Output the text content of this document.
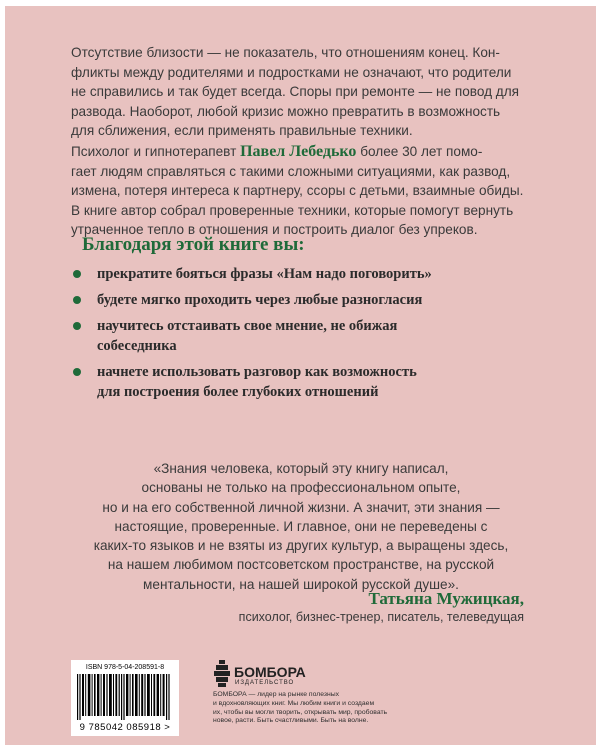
Отсутствие близости — не показатель, что отношениям конец. Кон-
фликты между родителями и подростками не означают, что родители
не справились и так будет всегда. Споры при ремонте — не повод для
развода. Наоборот, любой кризис можно превратить в возможность
для сближения, если применять правильные техники.
Психолог и гипнотерапевт Павел Лебедько более 30 лет помо-
гает людям справляться с такими сложными ситуациями, как развод,
измена, потеря интереса к партнеру, ссоры с детьми, взаимные обиды.
В книге автор собрал проверенные техники, которые помогут вернуть
утраченное тепло в отношения и построить диалог без упреков.
Благодаря этой книге вы:
прекратите бояться фразы «Нам надо поговорить»
будете мягко проходить через любые разногласия
научитесь отстаивать свое мнение, не обижая
собеседника
начнете использовать разговор как возможность
для построения более глубоких отношений
«Знания человека, который эту книгу написал,
основаны не только на профессиональном опыте,
но и на его собственной личной жизни. А значит, эти знания —
настоящие, проверенные. И главное, они не переведены с
каких-то языков и не взяты из других культур, а выращены здесь,
на нашем любимом постсоветском пространстве, на русской
ментальности, на нашей широкой русской душе».
Татьяна Мужицкая,
психолог, бизнес-тренер, писатель, телеведущая
ISBN 978-5-04-208591-8
9 785042 085918 >
БОМБОРА
ИЗДАТЕЛЬСТВО
БОМБОРА — лидер на рынке полезных
и вдохновляющих книг. Мы любим книги и создаем
их, чтобы вы могли творить, открывать мир, пробовать
новое, расти. Быть счастливыми. Быть на волне.
